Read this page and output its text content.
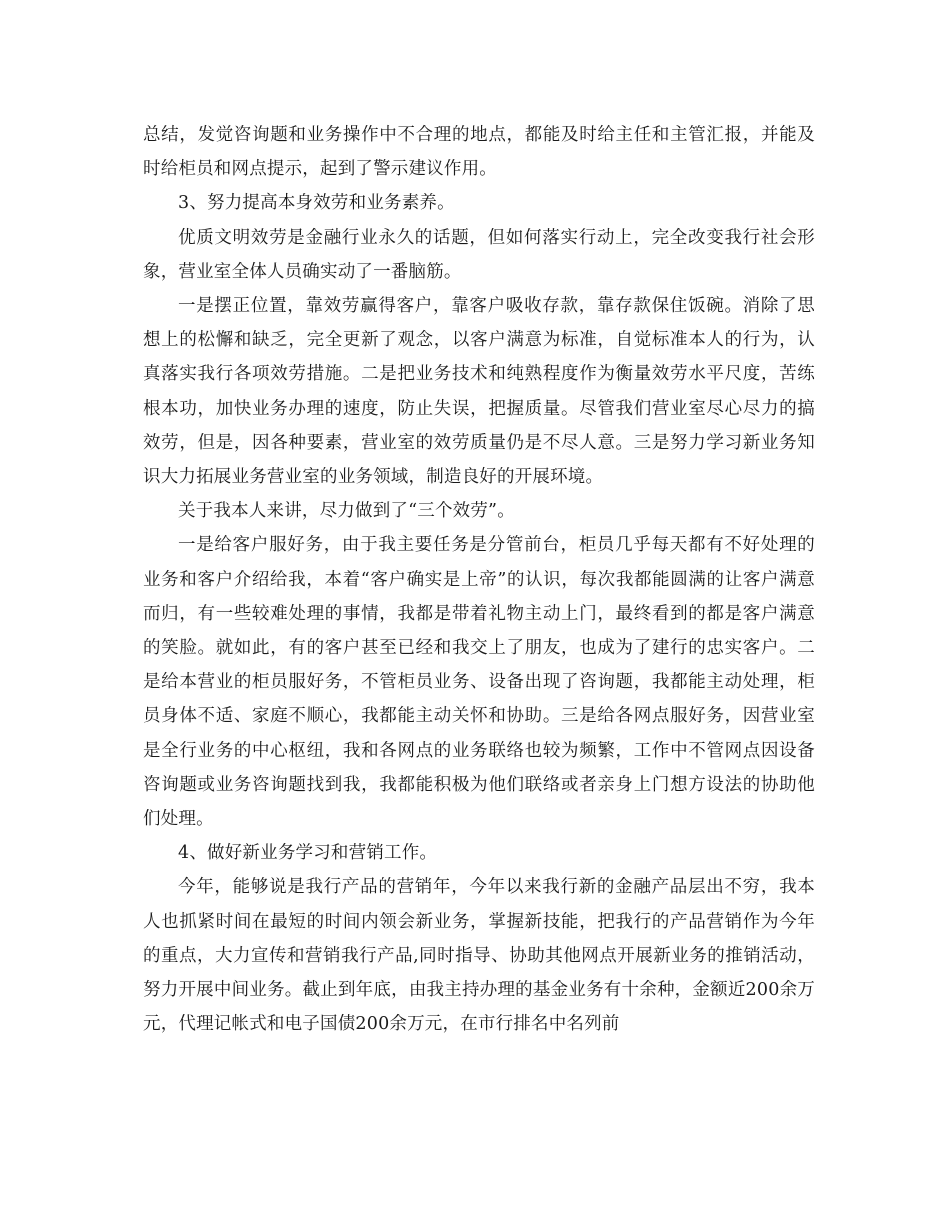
总结，发觉咨询题和业务操作中不合理的地点，都能及时给主任和主管汇报，并能及时给柜员和网点提示，起到了警示建议作用。

3、努力提高本身效劳和业务素养。

优质文明效劳是金融行业永久的话题，但如何落实行动上，完全改变我行社会形象，营业室全体人员确实动了一番脑筋。

一是摆正位置，靠效劳赢得客户，靠客户吸收存款，靠存款保住饭碗。消除了思想上的松懈和缺乏，完全更新了观念，以客户满意为标准，自觉标准本人的行为，认真落实我行各项效劳措施。二是把业务技术和纯熟程度作为衡量效劳水平尺度，苦练根本功，加快业务办理的速度，防止失误，把握质量。尽管我们营业室尽心尽力的搞效劳，但是，因各种要素，营业室的效劳质量仍是不尽人意。三是努力学习新业务知识大力拓展业务营业室的业务领域，制造良好的开展环境。

关于我本人来讲，尽力做到了“三个效劳”。

一是给客户服好务，由于我主要任务是分管前台，柜员几乎每天都有不好处理的业务和客户介绍给我，本着“客户确实是上帝”的认识，每次我都能圆满的让客户满意而归，有一些较难处理的事情，我都是带着礼物主动上门，最终看到的都是客户满意的笑脸。就如此，有的客户甚至已经和我交上了朋友，也成为了建行的忠实客户。二是给本营业的柜员服好务，不管柜员业务、设备出现了咨询题，我都能主动处理，柜员身体不适、家庭不顺心，我都能主动关怀和协助。三是给各网点服好务，因营业室是全行业务的中心枢纽，我和各网点的业务联络也较为频繁，工作中不管网点因设备咨询题或业务咨询题找到我，我都能积极为他们联络或者亲身上门想方设法的协助他们处理。

4、做好新业务学习和营销工作。

今年，能够说是我行产品的营销年，今年以来我行新的金融产品层出不穷，我本人也抓紧时间在最短的时间内领会新业务，掌握新技能，把我行的产品营销作为今年的重点，大力宣传和营销我行产品,同时指导、协助其他网点开展新业务的推销活动，努力开展中间业务。截止到年底，由我主持办理的基金业务有十余种，金额近200余万元，代理记帐式和电子国债200余万元，在市行排名中名列前
